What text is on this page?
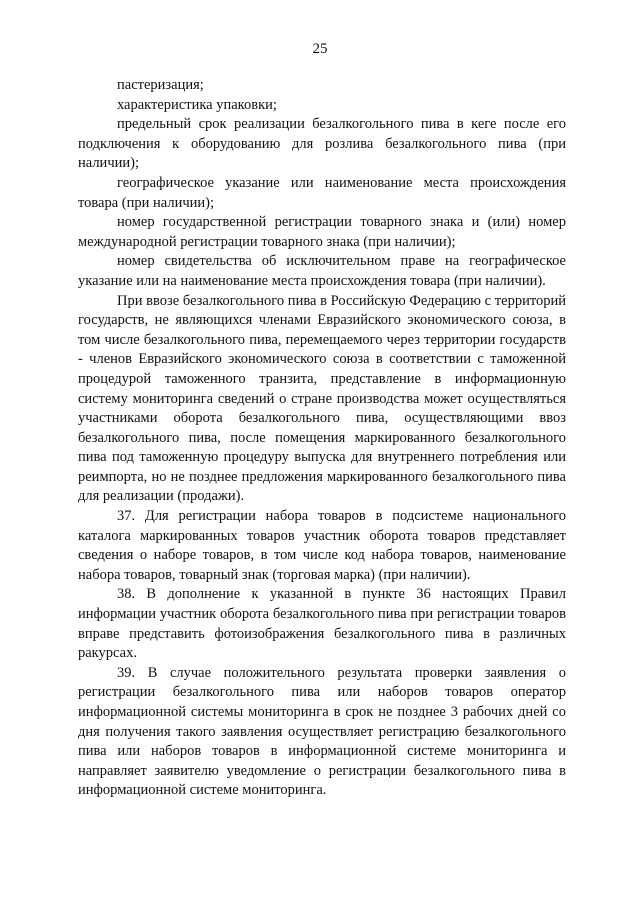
25

пастеризация;

характеристика упаковки;

предельный срок реализации безалкогольного пива в кеге после его подключения к оборудованию для розлива безалкогольного пива (при наличии);

географическое указание или наименование места происхождения товара (при наличии);

номер государственной регистрации товарного знака и (или) номер международной регистрации товарного знака (при наличии);

номер свидетельства об исключительном праве на географическое указание или на наименование места происхождения товара (при наличии).

При ввозе безалкогольного пива в Российскую Федерацию с территорий государств, не являющихся членами Евразийского экономического союза, в том числе безалкогольного пива, перемещаемого через территории государств - членов Евразийского экономического союза в соответствии с таможенной процедурой таможенного транзита, представление в информационную систему мониторинга сведений о стране производства может осуществляться участниками оборота безалкогольного пива, осуществляющими ввоз безалкогольного пива, после помещения маркированного безалкогольного пива под таможенную процедуру выпуска для внутреннего потребления или реимпорта, но не позднее предложения маркированного безалкогольного пива для реализации (продажи).

37. Для регистрации набора товаров в подсистеме национального каталога маркированных товаров участник оборота товаров представляет сведения о наборе товаров, в том числе код набора товаров, наименование набора товаров, товарный знак (торговая марка) (при наличии).

38. В дополнение к указанной в пункте 36 настоящих Правил информации участник оборота безалкогольного пива при регистрации товаров вправе представить фотоизображения безалкогольного пива в различных ракурсах.

39. В случае положительного результата проверки заявления о регистрации безалкогольного пива или наборов товаров оператор информационной системы мониторинга в срок не позднее 3 рабочих дней со дня получения такого заявления осуществляет регистрацию безалкогольного пива или наборов товаров в информационной системе мониторинга и направляет заявителю уведомление о регистрации безалкогольного пива в информационной системе мониторинга.
